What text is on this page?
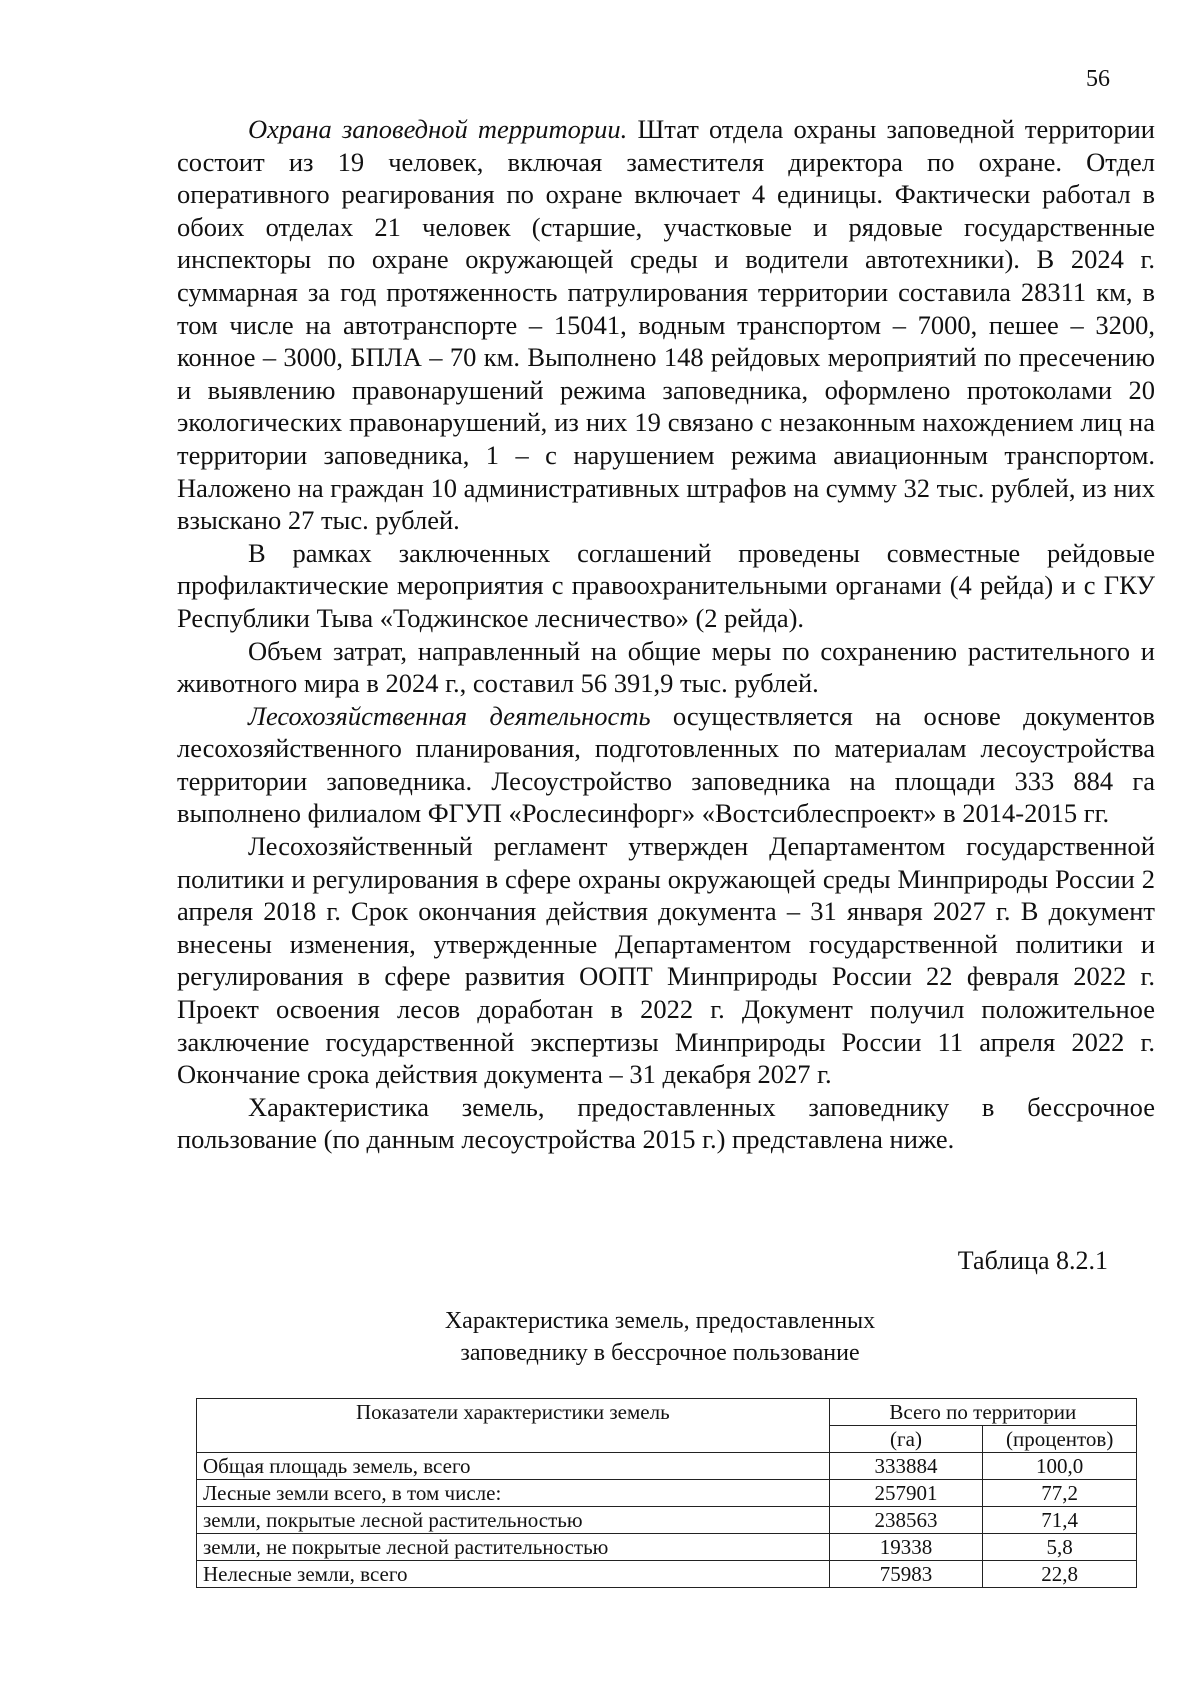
56

Охрана заповедной территории. Штат отдела охраны заповедной территории состоит из 19 человек, включая заместителя директора по охране. Отдел оперативного реагирования по охране включает 4 единицы. Фактически работал в обоих отделах 21 человек (старшие, участковые и рядовые государственные инспекторы по охране окружающей среды и водители автотехники). В 2024 г. суммарная за год протяженность патрулирования территории составила 28311 км, в том числе на автотранспорте – 15041, водным транспортом – 7000, пешее – 3200, конное – 3000, БПЛА – 70 км. Выполнено 148 рейдовых мероприятий по пресечению и выявлению правонарушений режима заповедника, оформлено протоколами 20 экологических правонарушений, из них 19 связано с незаконным нахождением лиц на территории заповедника, 1 – с нарушением режима авиационным транспортом. Наложено на граждан 10 административных штрафов на сумму 32 тыс. рублей, из них взыскано 27 тыс. рублей.

В рамках заключенных соглашений проведены совместные рейдовые профилактические мероприятия с правоохранительными органами (4 рейда) и с ГКУ Республики Тыва «Тоджинское лесничество» (2 рейда).

Объем затрат, направленный на общие меры по сохранению растительного и животного мира в 2024 г., составил 56 391,9 тыс. рублей.

Лесохозяйственная деятельность осуществляется на основе документов лесохозяйственного планирования, подготовленных по материалам лесоустройства территории заповедника. Лесоустройство заповедника на площади 333 884 га выполнено филиалом ФГУП «Рослесинфорг» «Востсиблеспроект» в 2014-2015 гг.

Лесохозяйственный регламент утвержден Департаментом государственной политики и регулирования в сфере охраны окружающей среды Минприроды России 2 апреля 2018 г. Срок окончания действия документа – 31 января 2027 г. В документ внесены изменения, утвержденные Департаментом государственной политики и регулирования в сфере развития ООПТ Минприроды России 22 февраля 2022 г. Проект освоения лесов доработан в 2022 г. Документ получил положительное заключение государственной экспертизы Минприроды России 11 апреля 2022 г. Окончание срока действия документа – 31 декабря 2027 г.

Характеристика земель, предоставленных заповеднику в бессрочное пользование (по данным лесоустройства 2015 г.) представлена ниже.

Таблица 8.2.1
Характеристика земель, предоставленных
заповеднику в бессрочное пользование
Показатели характеристики земель	Всего по территории	
	(га)	(процентов)
Общая площадь земель, всего	333884	100,0
Лесные земли всего, в том числе:	257901	77,2
земли, покрытые лесной растительностью	238563	71,4
земли, не покрытые лесной растительностью	19338	5,8
Нелесные земли, всего	75983	22,8
